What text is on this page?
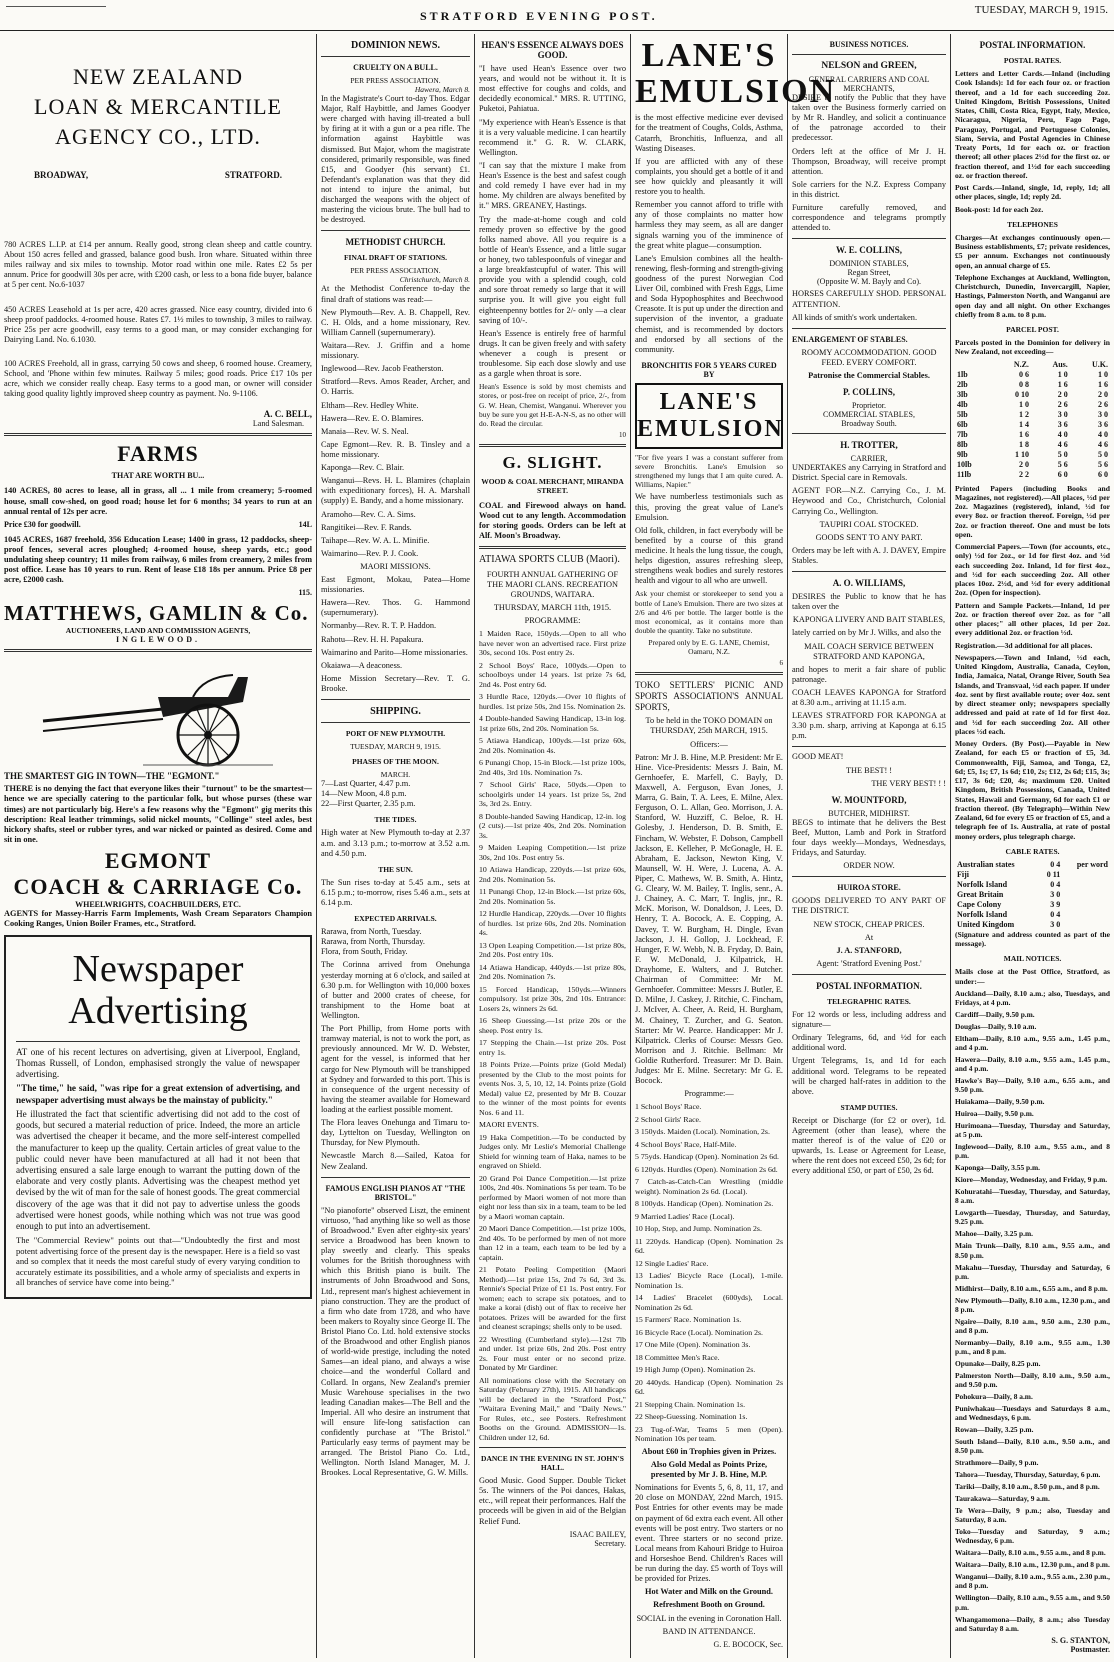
STRATFORD EVENING POST.	TUESDAY, MARCH 9, 1915.
NEW ZEALAND
LOAN & MERCANTILE
AGENCY CO., LTD.
BROADWAY,	STRATFORD.

780 ACRES L.I.P. at £14 per annum. Really good, strong clean sheep and cattle country. About 150 acres felled and grassed, balance good bush. Iron whare. Situated within three miles railway and six miles to township. Motor road within one mile. Rates £2 5s per annum. Price for goodwill 30s per acre, with £200 cash, or less to a bona fide buyer, balance at 5 per cent. No.6-1037

450 ACRES Leasehold at 1s per acre, 420 acres grassed. Nice easy country, divided into 6 sheep proof paddocks. 4-roomed house. Rates £7. 1½ miles to township, 3 miles to railway. Price 25s per acre goodwill, easy terms to a good man, or may consider exchanging for Dairying Land. No. 6.1030.

100 ACRES Freehold, all in grass, carrying 50 cows and sheep, 6 roomed house. Creamery, School, and 'Phone within few minutes. Railway 5 miles; good roads. Price £17 10s per acre, which we consider really cheap. Easy terms to a good man, or owner will consider taking good quality lightly improved sheep country as payment. No. 9-1106.

A. C. BELL,
Land Salesman.
FARMS
THAT ARE WORTH BU...

140 ACRES, 80 acres to lease, all in grass, all ... 1 mile from creamery; 5-roomed house, small cow-shed, on good road; house let for 6 months; 34 years to run at an annual rental of 12s per acre.

Price £30 for goodwill.	14L

1045 ACRES, 1687 freehold, 356 Education Lease; 1400 in grass, 12 paddocks, sheep-proof fences, several acres ploughed; 4-roomed house, sheep yards, etc.; good undulating sheep country; 11 miles from railway, 6 miles from creamery, 2 miles from post office. Lease has 10 years to run. Rent of lease £18 18s per annum. Price £8 per acre, £2000 cash.

115.
MATTHEWS, GAMLIN & Co.
AUCTIONEERS, LAND AND COMMISSION AGENTS,
INGLEWOOD.
THE SMARTEST GIG IN TOWN—THE "EGMONT."

THERE is no denying the fact that everyone likes their "turnout" to be the smartest—hence we are specially catering to the particular folk, but whose purses (these war times) are not particularly big. Here's a few reasons why the "Egmont" gig merits this description: Real leather trimmings, solid nickel mounts, "Collinge" steel axles, best hickory shafts, steel or rubber tyres, and war nicked or painted as desired. Come and sit in one.

EGMONT
COACH & CARRIAGE Co.
WHEELWRIGHTS, COACHBUILDERS, ETC.

AGENTS for Massey-Harris Farm Implements, Wash Cream Separators Champion Cooking Ranges, Union Boiler Frames, etc., Stratford.

Newspaper
Advertising

AT one of his recent lectures on advertising, given at Liverpool, England, Thomas Russell, of London, emphasised strongly the value of newspaper advertising.

"The time," he said, "was ripe for a great extension of advertising, and newspaper advertising must always be the mainstay of publicity."

He illustrated the fact that scientific advertising did not add to the cost of goods, but secured a material reduction of price. Indeed, the more an article was advertised the cheaper it became, and the more self-interest compelled the manufacturer to keep up the quality. Certain articles of great value to the public could never have been manufactured at all had it not been that advertising ensured a sale large enough to warrant the putting down of the elaborate and very costly plants. Advertising was the cheapest method yet devised by the wit of man for the sale of honest goods. The great commercial discovery of the age was that it did not pay to advertise unless the goods advertised were honest goods, while nothing which was not true was good enough to put into an advertisement.

The "Commercial Review" points out that—"Undoubtedly the first and most potent advertising force of the present day is the newspaper. Here is a field so vast and so complex that it needs the most careful study of every varying condition to accurately estimate its possibilities, and a whole army of specialists and experts in all branches of service have come into being."

DOMINION NEWS.
CRUELTY ON A BULL.
PER PRESS ASSOCIATION.
Hawera, March 8.

In the Magistrate's Court to-day Thos. Edgar Major, Ralf Haybittle, and James Goodyer were charged with having ill-treated a bull by firing at it with a gun or a pea rifle. The information against Haybittle was dismissed. But Major, whom the magistrate considered, primarily responsible, was fined £15, and Goodyer (his servant) £1. Defendant's explanation was that they did not intend to injure the animal, but discharged the weapons with the object of mastering the vicious brute. The bull had to be destroyed.

METHODIST CHURCH.
FINAL DRAFT OF STATIONS.
PER PRESS ASSOCIATION.
Christchurch, March 8.

At the Methodist Conference to-day the final draft of stations was read:—

New Plymouth—Rev. A. B. Chappell, Rev. C. H. Olds, and a home missionary, Rev. William Cannell (supernumerary).

Waitara—Rev. J. Griffin and a home missionary.

Inglewood—Rev. Jacob Featherston.

Stratford—Revs. Amos Reader, Archer, and O. Harris.

Eltham—Rev. Hedley White.

Hawera—Rev. E. O. Blamires.

Manaia—Rev. W. S. Neal.

Cape Egmont—Rev. R. B. Tinsley and a home missionary.

Kaponga—Rev. C. Blair.

Wanganui—Revs. H. L. Blamires (chaplain with expeditionary forces), H. A. Marshall (supply) E. Bandy, and a home missionary.

Aramoho—Rev. C. A. Sims.

Rangitikei—Rev. F. Rands.

Taihape—Rev. W. A. L. Minifie.

Waimarino—Rev. P. J. Cook.

MAORI MISSIONS.

East Egmont, Mokau, Patea—Home missionaries.

Hawera—Rev. Thos. G. Hammond (supernumerary).

Normanby—Rev. R. T. P. Haddon.

Rahotu—Rev. H. H. Papakura.

Waimarino and Parito—Home missionaries.

Okaiawa—A deaconess.

Home Mission Secretary—Rev. T. G. Brooke.

SHIPPING.
PORT OF NEW PLYMOUTH.
TUESDAY, MARCH 9, 1915.
PHASES OF THE MOON.
MARCH.

7—Last Quarter, 4.47 p.m.

14—New Moon, 4.8 p.m.

22—First Quarter, 2.35 p.m.

THE TIDES.

High water at New Plymouth to-day at 2.37 a.m. and 3.13 p.m.; to-morrow at 3.52 a.m. and 4.50 p.m.

THE SUN.

The Sun rises to-day at 5.45 a.m., sets at 6.15 p.m.; to-morrow, rises 5.46 a.m., sets at 6.14 p.m.

EXPECTED ARRIVALS.

Rarawa, from North, Tuesday.

Rarawa, from North, Thursday.

Flora, from South, Friday.

The Corinna arrived from Onehunga yesterday morning at 6 o'clock, and sailed at 6.30 p.m. for Wellington with 10,000 boxes of butter and 2000 crates of cheese, for transhipment to the Home boat at Wellington.

The Port Phillip, from Home ports with tramway material, is not to work the port, as previously announced. Mr W. D. Webster, agent for the vessel, is informed that her cargo for New Plymouth will be transhipped at Sydney and forwarded to this port. This is in consequence of the urgent necessity of having the steamer available for Homeward loading at the earliest possible moment.

The Flora leaves Onehunga and Timaru to-day, Lyttelton on Tuesday, Wellington on Thursday, for New Plymouth.

Newcastle March 8.—Sailed, Katoa for New Zealand.

FAMOUS ENGLISH PIANOS AT "THE BRISTOL."

"No pianoforte" observed Liszt, the eminent virtuoso, "had anything like so well as those of Broadwood." Even after eighty-six years' service a Broadwood has been known to play sweetly and clearly. This speaks volumes for the British thoroughness with which this British piano is built. The instruments of John Broadwood and Sons, Ltd., represent man's highest achievement in piano construction. They are the product of a firm who date from 1728, and who have been makers to Royalty since George II. The Bristol Piano Co. Ltd. hold extensive stocks of the Broadwood and other English pianos of world-wide prestige, including the noted Sames—an ideal piano, and always a wise choice—and the wonderful Collard and Collard. In organs, New Zealand's premier Music Warehouse specialises in the two leading Canadian makes—The Bell and the Imperial. All who desire an instrument that will ensure life-long satisfaction can confidently purchase at "The Bristol." Particularly easy terms of payment may be arranged. The Bristol Piano Co. Ltd., Wellington. North Island Manager, M. J. Brookes. Local Representative, G. W. Mills.

HEAN'S ESSENCE ALWAYS DOES GOOD.

"I have used Hean's Essence over two years, and would not be without it. It is most effective for coughs and colds, and decidedly economical." MRS. R. UTTING, Puketoi, Pahiatua.

"My experience with Hean's Essence is that it is a very valuable medicine. I can heartily recommend it." G. R. W. CLARK, Wellington.

"I can say that the mixture I make from Hean's Essence is the best and safest cough and cold remedy I have ever had in my home. My children are always benefited by it." MRS. GREANEY, Hastings.

Try the made-at-home cough and cold remedy proven so effective by the good folks named above. All you require is a bottle of Hean's Essence, and a little sugar or honey, two tablespoonfuls of vinegar and a large breakfastcupful of water. This will provide you with a splendid cough, cold and sore throat remedy so large that it will surprise you. It will give you eight full eighteenpenny bottles for 2/- only —a clear saving of 10/-.

Hean's Essence is entirely free of harmful drugs. It can be given freely and with safety whenever a cough is present or troublesome. Sip each dose slowly and use as a gargle when throat is sore.

Hean's Essence is sold by most chemists and stores, or post-free on receipt of price, 2/-, from G. W. Hean, Chemist, Wanganui. Wherever you buy be sure you get H-E-A-N-S, as no other will do. Read the circular.

10
G. SLIGHT.
WOOD & COAL MERCHANT, MIRANDA STREET.

COAL and Firewood always on hand. Wood cut to any length. Accommodation for storing goods. Orders can be left at Alf. Moon's Broadway.

ATIAWA SPORTS CLUB (Maori).

FOURTH ANNUAL GATHERING OF THE MAORI CLANS. RECREATION GROUNDS, WAITARA.

THURSDAY, MARCH 11th, 1915.

PROGRAMME:

1 Maiden Race, 150yds.—Open to all who have never won an advertised race. First prize 30s, second 10s. Post entry 2s.

2 School Boys' Race, 100yds.—Open to schoolboys under 14 years. 1st prize 7s 6d, 2nd 4s. Post entry 6d.

3 Hurdle Race, 120yds.—Over 10 flights of hurdles. 1st prize 50s, 2nd 15s. Nomination 2s.

4 Double-handed Sawing Handicap, 13-in log. 1st prize 60s, 2nd 20s. Nomination 5s.

5 Atiawa Handicap, 100yds.—1st prize 60s, 2nd 20s. Nomination 4s.

6 Punangi Chop, 15-in Block.—1st prize 100s, 2nd 40s, 3rd 10s. Nomination 7s.

7 School Girls' Race, 50yds.—Open to schoolgirls under 14 years. 1st prize 5s, 2nd 3s, 3rd 2s. Entry.

8 Double-handed Sawing Handicap, 12-in. log (2 cuts).—1st prize 40s, 2nd 20s. Nomination 3s.

9 Maiden Leaping Competition.—1st prize 30s, 2nd 10s. Post entry 5s.

10 Atiawa Handicap, 220yds.—1st prize 60s, 2nd 20s. Nomination 5s.

11 Punangi Chop, 12-in Block.—1st prize 60s, 2nd 20s. Nomination 5s.

12 Hurdle Handicap, 220yds.—Over 10 flights of hurdles. 1st prize 60s, 2nd 20s. Nomination 4s.

13 Open Leaping Competition.—1st prize 80s, 2nd 20s. Post entry 10s.

14 Atiawa Handicap, 440yds.—1st prize 80s, 2nd 20s. Nomination 7s.

15 Forced Handicap, 150yds.—Winners compulsory. 1st prize 30s, 2nd 10s. Entrance: Losers 2s, winners 2s 6d.

16 Sheep Guessing.—1st prize 20s or the sheep. Post entry 1s.

17 Stepping the Chain.—1st prize 20s. Post entry 1s.

18 Points Prize.—Points prize (Gold Medal) presented by the Club to the most points for events Nos. 3, 5, 10, 12, 14. Points prize (Gold Medal) value £2, presented by Mr B. Couzar to the winner of the most points for events Nos. 6 and 11.

MAORI EVENTS.

19 Haka Competition.—To be conducted by Judges only. Mr Leslie's Memorial Challenge Shield for winning team of Haka, names to be engraved on Shield.

20 Grand Poi Dance Competition.—1st prize 100s, 2nd 40s. Nominations 5s per team. To be performed by Maori women of not more than eight nor less than six in a team, team to be led by a Maori woman captain.

20 Maori Dance Competition.—1st prize 100s, 2nd 40s. To be performed by men of not more than 12 in a team, each team to be led by a captain.

21 Potato Peeling Competition (Maori Method).—1st prize 15s, 2nd 7s 6d, 3rd 3s. Rennie's Special Prize of £1 1s. Post entry. For women; each to scrape six potatoes, and to make a korai (dish) out of flax to receive her potatoes. Prizes will be awarded for the first and cleanest scrapings; shells only to be used.

22 Wrestling (Cumberland style).—12st 7lb and under. 1st prize 60s, 2nd 20s. Post entry 2s. Four must enter or no second prize. Donated by Mr Gardiner.

All nominations close with the Secretary on Saturday (February 27th), 1915. All handicaps will be declared in the "Stratford Post," "Waitara Evening Mail," and "Daily News." For Rules, etc., see Posters. Refreshment Booths on the Ground. ADMISSION—1s. Children under 12, 6d.

DANCE IN THE EVENING IN ST. JOHN'S HALL.

Good Music. Good Supper. Double Ticket 5s. The winners of the Poi dances, Hakas, etc., will repeat their performances. Half the proceeds will be given in aid of the Belgian Relief Fund.

ISAAC BAILEY,
Secretary.
LANE'S EMULSION

is the most effective medicine ever devised for the treatment of Coughs, Colds, Asthma, Catarrh, Bronchitis, Influenza, and all Wasting Diseases.

If you are afflicted with any of these complaints, you should get a bottle of it and see how quickly and pleasantly it will restore you to health.

Remember you cannot afford to trifle with any of those complaints no matter how harmless they may seem, as all are danger signals warning you of the imminence of the great white plague—consumption.

Lane's Emulsion combines all the health-renewing, flesh-forming and strength-giving goodness of the purest Norwegian Cod Liver Oil, combined with Fresh Eggs, Lime and Soda Hypophosphites and Beechwood Creasote. It is put up under the direction and supervision of the inventor, a graduate chemist, and is recommended by doctors and endorsed by all sections of the community.

BRONCHITIS FOR 5 YEARS CURED BY
LANE'S EMULSION

"For five years I was a constant sufferer from severe Bronchitis. Lane's Emulsion so strengthened my lungs that I am quite cured. A. Williams, Napier."

We have numberless testimonials such as this, proving the great value of Lane's Emulsion.

Old folk, children, in fact everybody will be benefited by a course of this grand medicine. It heals the lung tissue, the cough, helps digestion, assures refreshing sleep, strengthens weak bodies and surely restores health and vigour to all who are unwell.

Ask your chemist or storekeeper to send you a bottle of Lane's Emulsion. There are two sizes at 2/6 and 4/6 per bottle. The larger bottle is the most economical, as it contains more than double the quantity. Take no substitute.

Prepared only by E. G. LANE, Chemist, Oamaru, N.Z.

6

TOKO SETTLERS' PICNIC AND SPORTS ASSOCIATION'S ANNUAL SPORTS,

To be held in the TOKO DOMAIN on THURSDAY, 25th MARCH, 1915.

Officers:—

Patron: Mr J. B. Hine, M.P. President: Mr E. Hine. Vice-Presidents: Messrs J. Bain, M. Gernhoefer, E. Marfell, C. Bayly, D. Maxwell, A. Ferguson, Evan Jones, J. Marra, G. Bain, T. A. Lees, E. Milne, Alex. Ferguson, O. L. Allan, Geo. Morrison, J. A. Stanford, W. Huzziff, C. Beloe, R. H. Golesby, J. Henderson, D. B. Smith, E. Fincham, W. Webster, F. Dobson, Campbell Jackson, E. Kelleher, P. McGonagle, H. E. Abraham, E. Jackson, Newton King, V. Maunsell, W. H. Were, J. Lucena, A. A. Piper, C. Mathews, W. B. Smith, A. Hintz, G. Cleary, W. M. Bailey, T. Inglis, senr., A. J. Chainey, A. C. Marr, T. Inglis, jnr., R. McK. Morison, W. Donaldson, J. Lees, D. Henry, T. A. Bocock, A. E. Copping, A. Davey, T. W. Burgham, H. Dingle, Evan Jackson, J. H. Gollop, J. Lockhead, F. Hunger, F. W. Webb, N. B. Fryday, D. Bain, F. W. McDonald, J. Kilpatrick, H. Drayhome, E. Walters, and J. Butcher. Chairman of Committee: Mr M. Gernhoefer. Committee: Messrs J. Butler, E. D. Milne, J. Caskey, J. Ritchie, C. Fincham, J. McIver, A. Cheer, A. Reid, H. Burgham, M. Chainey, T. Zurcher, and G. Seaton. Starter: Mr W. Pearce. Handicapper: Mr J. Kilpatrick. Clerks of Course: Messrs Geo. Morrison and J. Ritchie. Bellman: Mr Goldie Rutherford. Treasurer: Mr D. Bain. Judges: Mr E. Milne. Secretary: Mr G. E. Bocock.

Programme:—

1 School Boys' Race.

2 School Girls' Race.

3 150yds. Maiden (Local). Nomination, 2s.

4 School Boys' Race, Half-Mile.

5 75yds. Handicap (Open). Nomination 2s 6d.

6 120yds. Hurdles (Open). Nomination 2s 6d.

7 Catch-as-Catch-Can Wrestling (middle weight). Nomination 2s 6d. (Local).

8 100yds. Handicap (Open). Nomination 2s.

9 Married Ladies' Race (Local).

10 Hop, Step, and Jump. Nomination 2s.

11 220yds. Handicap (Open). Nomination 2s 6d.

12 Single Ladies' Race.

13 Ladies' Bicycle Race (Local), 1-mile. Nomination 1s.

14 Ladies' Bracelet (600yds), Local. Nomination 2s 6d.

15 Farmers' Race. Nomination 1s.

16 Bicycle Race (Local). Nomination 2s.

17 One Mile (Open). Nomination 3s.

18 Committee Men's Race.

19 High Jump (Open). Nomination 2s.

20 440yds. Handicap (Open). Nomination 2s 6d.

21 Stepping Chain. Nomination 1s.

22 Sheep-Guessing. Nomination 1s.

23 Tug-of-War, Teams 5 men (Open). Nomination 10s per team.

About £60 in Trophies given in Prizes.

Also Gold Medal as Points Prize, presented by Mr J. B. Hine, M.P.

Nominations for Events 5, 6, 8, 11, 17, and 20 close on MONDAY, 22nd March, 1915. Post Entries for other events may be made on payment of 6d extra each event. All other events will be post entry. Two starters or no event. Three starters or no second prize. Local means from Kahouri Bridge to Huiroa and Horseshoe Bend. Children's Races will be run during the day. £5 worth of Toys will be provided for Prizes.

Hot Water and Milk on the Ground.

Refreshment Booth on Ground.

SOCIAL in the evening in Coronation Hall.

BAND IN ATTENDANCE.

G. E. BOCOCK, Sec.
BUSINESS NOTICES.
NELSON and GREEN,
GENERAL CARRIERS AND COAL MERCHANTS,

DESIRE to notify the Public that they have taken over the Business formerly carried on by Mr R. Handley, and solicit a continuance of the patronage accorded to their predecessor.

Orders left at the office of Mr J. H. Thompson, Broadway, will receive prompt attention.

Sole carriers for the N.Z. Express Company in this district.

Furniture carefully removed, and correspondence and telegrams promptly attended to.

W. E. COLLINS,
DOMINION STABLES,
Regan Street,
(Opposite W. M. Bayly and Co).

HORSES CAREFULLY SHOD. PERSONAL ATTENTION.

All kinds of smith's work undertaken.

ENLARGEMENT OF STABLES.

ROOMY ACCOMMODATION. GOOD FEED. EVERY COMFORT.

Patronise the Commercial Stables.

P. COLLINS,
Proprietor.
COMMERCIAL STABLES,
Broadway South.
H. TROTTER,
CARRIER,

UNDERTAKES any Carrying in Stratford and District. Special care in Removals.

AGENT FOR—N.Z. Carrying Co., J. M. Heywood and Co., Christchurch, Colonial Carrying Co., Wellington.

TAUPIRI COAL STOCKED.

GOODS SENT TO ANY PART.

Orders may be left with A. J. DAVEY, Empire Stables.

A. O. WILLIAMS,

DESIRES the Public to know that he has taken over the

KAPONGA LIVERY AND BAIT STABLES,

lately carried on by Mr J. Wilks, and also the

MAIL COACH SERVICE BETWEEN STRATFORD AND KAPONGA,

and hopes to merit a fair share of public patronage.

COACH LEAVES KAPONGA for Stratford at 8.30 a.m., arriving at 11.15 a.m.

LEAVES STRATFORD FOR KAPONGA at 3.30 p.m. sharp, arriving at Kaponga at 6.15 p.m.

GOOD MEAT!

THE BEST! !

THE VERY BEST! ! !

W. MOUNTFORD,
BUTCHER, MIDHIRST.

BEGS to intimate that he delivers the Best Beef, Mutton, Lamb and Pork in Stratford four days weekly—Mondays, Wednesdays, Fridays, and Saturday.

ORDER NOW.

HUIROA STORE.

GOODS DELIVERED TO ANY PART OF THE DISTRICT.

NEW STOCK, CHEAP PRICES.

At

J. A. STANFORD,

Agent: 'Stratford Evening Post.'

POSTAL INFORMATION.
TELEGRAPHIC RATES.

For 12 words or less, including address and signature—

Ordinary Telegrams, 6d, and ½d for each additional word.

Urgent Telegrams, 1s, and 1d for each additional word. Telegrams to be repeated will be charged half-rates in addition to the above.

STAMP DUTIES.

Receipt or Discharge (for £2 or over), 1d. Agreement (other than lease), where the matter thereof is of the value of £20 or upwards, 1s. Lease or Agreement for Lease, where the rent does not exceed £50, 2s 6d; for every additional £50, or part of £50, 2s 6d.

POSTAL INFORMATION.
POSTAL RATES.

Letters and Letter Cards.—Inland (including Cook Islands): 1d for each four oz. or fraction thereof, and a 1d for each succeeding 2oz. United Kingdom, British Possessions, United States, Chili, Costa Rica, Egypt, Italy, Mexico, Nicaragua, Nigeria, Peru, Fago Pago, Paraguay, Portugal, and Portuguese Colonies, Siam, Servia, and Postal Agencies in Chinese Treaty Ports, 1d for each oz. or fraction thereof; all other places 2½d for the first oz. or fraction thereof, and 1½d for each succeeding oz. or fraction thereof.

Post Cards.—Inland, single, 1d, reply, 1d; all other places, single, 1d; reply 2d.

Book-post: 1d for each 2oz.

TELEPHONES

Charges—At exchanges continuously open.—Business establishments, £7; private residences, £5 per annum. Exchanges not continuously open, an annual charge of £5.

Telephone Exchanges at Auckland, Wellington, Christchurch, Dunedin, Invercargill, Napier, Hastings, Palmerston North, and Wanganui are open day and all night. On other Exchanges chiefly from 8 a.m. to 8 p.m.

PARCEL POST.

Parcels posted in the Dominion for delivery in New Zealand, not exceeding—

	N.Z.	Aus.	U.K.
1lb	0 6	1 0	1 0
2lb	0 8	1 6	1 6
3lb	0 10	2 0	2 0
4lb	1 0	2 6	2 6
5lb	1 2	3 0	3 0
6lb	1 4	3 6	3 6
7lb	1 6	4 0	4 0
8lb	1 8	4 6	4 6
9lb	1 10	5 0	5 0
10lb	2 0	5 6	5 6
11lb	2 2	6 0	6 0

Printed Papers (including Books and Magazines, not registered).—All places, ½d per 2oz. Magazines (registered), inland, ½d for every 8oz. or fraction thereof. Foreign, ½d per 2oz. or fraction thereof. One and must be lots open.

Commercial Papers.—Town (for accounts, etc., only) ½d for 2oz., or 1d for first 4oz. and ½d each succeeding 2oz. Inland, 1d for first 4oz., and ½d for each succeeding 2oz. All other places 10oz. 2½d, and ½d for every additional 2oz. (Open for inspection).

Pattern and Sample Packets.—Inland, 1d per 2oz. or fraction thereof over 2oz. as for "all other places;" all other places, 1d per 2oz. every additional 2oz. or fraction ½d.

Registration.—3d additional for all places.

Newspapers.—Town and Inland, ½d each, United Kingdom, Australia, Canada, Ceylon, India, Jamaica, Natal, Orange River, South Sea Islands, and Transvaal, ½d each paper. If under 4oz. sent by first available route; over 4oz. sent by direct steamer only; newspapers specially addressed and paid at rate of 1d for first 4oz. and ½d for each succeeding 2oz. All other places ½d each.

Money Orders. (By Post).—Payable in New Zealand, for each £5 or fraction of £5, 3d. Commonwealth, Fiji, Samoa, and Tonga, £2, 6d; £5, 1s; £7, 1s 6d; £10, 2s; £12, 2s 6d; £15, 3s; £17, 3s 6d; £20, 4s; maximum £20. United Kingdom, British Possessions, Canada, United States, Hawaii and Germany, 6d for each £1 or fraction thereof. (By Telegraph)—Within New Zealand, 6d for every £5 or fraction of £5, and a telegraph fee of 1s. Australia, at rate of postal money orders, plus telegraph charge.

CABLE RATES.
Australian states	0 4	per word
Fiji	0 11	
Norfolk Island	0 4	
Great Britain	3 0	
Cape Colony	3 9	
Norfolk Island	0 4	
United Kingdom	3 0	

(Signature and address counted as part of the message).

MAIL NOTICES.

Mails close at the Post Office, Stratford, as under:—

Auckland—Daily, 8.10 a.m.; also, Tuesdays, and Fridays, at 4 p.m.

Cardiff—Daily, 9.50 p.m.

Douglas—Daily, 9.10 a.m.

Eltham—Daily, 8.10 a.m., 9.55 a.m., 1.45 p.m., and 4 p.m.

Hawera—Daily, 8.10 a.m., 9.55 a.m., 1.45 p.m., and 4 p.m.

Hawke's Bay—Daily, 9.10 a.m., 6.55 a.m., and 9.50 p.m.

Huiakama—Daily, 9.50 p.m.

Huiroa—Daily, 9.50 p.m.

Hurimoana—Tuesday, Thursday and Saturday, at 5 p.m.

Inglewood—Daily, 8.10 a.m., 9.55 a.m., and 8 p.m.

Kaponga—Daily, 3.55 p.m.

Kiore—Monday, Wednesday, and Friday, 9 p.m.

Kohuratahi—Tuesday, Thursday, and Saturday, 8 a.m.

Lowgarth—Tuesday, Thursday, and Saturday, 9.25 p.m.

Mahoe—Daily, 3.25 p.m.

Main Trunk—Daily, 8.10 a.m., 9.55 a.m., and 8.50 p.m.

Makahu—Tuesday, Thursday and Saturday, 6 p.m.

Midhirst—Daily, 8.10 a.m., 6.55 a.m., and 8 p.m.

New Plymouth—Daily, 8.10 a.m., 12.30 p.m., and 8 p.m.

Ngaire—Daily, 8.10 a.m., 9.50 a.m., 2.30 p.m., and 8 p.m.

Normanby—Daily, 8.10 a.m., 9.55 a.m., 1.30 p.m., and 8 p.m.

Opunake—Daily, 8.25 p.m.

Palmerston North—Daily, 8.10 a.m., 9.50 a.m., and 9.50 p.m.

Pohokura—Daily, 8 a.m.

Puniwhakau—Tuesdays and Saturdays 8 a.m., and Wednesdays, 6 p.m.

Rowan—Daily, 3.25 p.m.

South Island—Daily, 8.10 a.m., 9.50 a.m., and 8.50 p.m.

Strathmore—Daily, 9 p.m.

Tahora—Tuesday, Thursday, Saturday, 6 p.m.

Tariki—Daily, 8.10 a.m., 8.50 p.m., and 8 p.m.

Taurakawa—Saturday, 9 a.m.

Te Wera—Daily, 9 p.m.; also, Tuesday and Saturday, 8 a.m.

Toko—Tuesday and Saturday, 9 a.m.; Wednesday, 6 p.m.

Waitara—Daily, 8.10 a.m., 9.55 a.m., and 8 p.m.

Waitara—Daily, 8.10 a.m., 12.30 p.m., and 8 p.m.

Wanganui—Daily, 8.10 a.m., 9.55 a.m., 2.30 p.m., and 8 p.m.

Wellington—Daily, 8.10 a.m., 9.55 a.m., and 9.50 p.m.

Whangamomona—Daily, 8 a.m.; also Tuesday and Saturday 8 a.m.

S. G. STANTON,
Postmaster.
